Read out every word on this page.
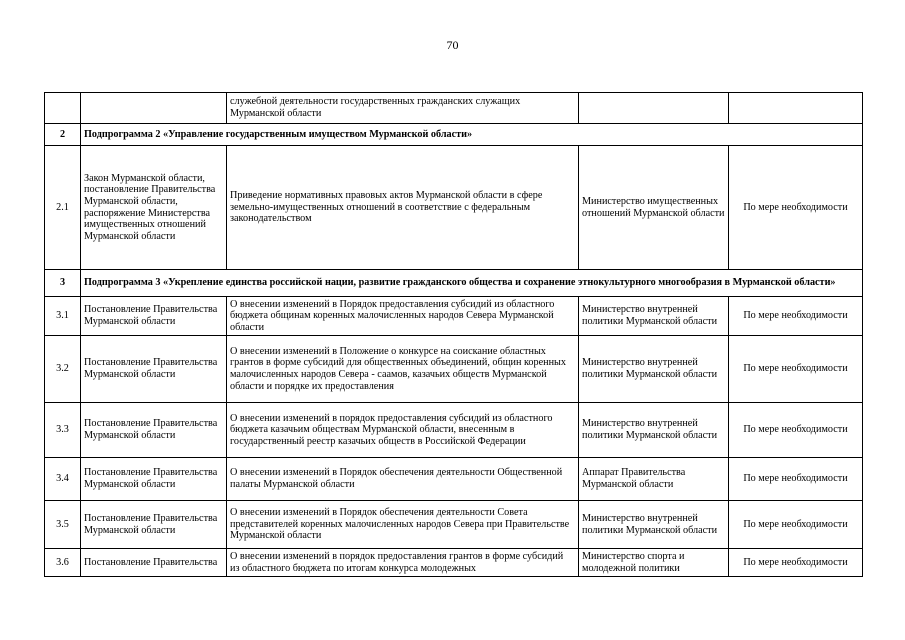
70
		служебной деятельности государственных гражданских служащих Мурманской области		
2	Подпрограмма 2 «Управление государственным имуществом Мурманской области»			
2.1	Закон Мурманской области, постановление Правительства Мурманской области, распоряжение Министерства имущественных отношений Мурманской области	Приведение нормативных правовых актов Мурманской области в сфере земельно-имущественных отношений в соответствие с федеральным законодательством	Министерство имущественных отношений Мурманской области	По мере необходимости
3	Подпрограмма 3 «Укрепление единства российской нации, развитие гражданского общества и сохранение этнокультурного многообразия в Мурманской области»			
3.1	Постановление Правительства Мурманской области	О внесении изменений в Порядок предоставления субсидий из областного бюджета общинам коренных малочисленных народов Севера Мурманской области	Министерство внутренней политики Мурманской области	По мере необходимости
3.2	Постановление Правительства Мурманской области	О внесении изменений в Положение о конкурсе на соискание областных грантов в форме субсидий для общественных объединений, общин коренных малочисленных народов Севера - саамов, казачьих обществ Мурманской области и порядке их предоставления	Министерство внутренней политики Мурманской области	По мере необходимости
3.3	Постановление Правительства Мурманской области	О внесении изменений в порядок предоставления субсидий из областного бюджета казачьим обществам Мурманской области, внесенным в государственный реестр казачьих обществ в Российской Федерации	Министерство внутренней политики Мурманской области	По мере необходимости
3.4	Постановление Правительства Мурманской области	О внесении изменений в Порядок обеспечения деятельности Общественной палаты Мурманской области	Аппарат Правительства Мурманской области	По мере необходимости
3.5	Постановление Правительства Мурманской области	О внесении изменений в Порядок обеспечения деятельности Совета представителей коренных малочисленных народов Севера при Правительстве Мурманской области	Министерство внутренней политики Мурманской области	По мере необходимости
3.6	Постановление Правительства	О внесении изменений в порядок предоставления грантов в форме субсидий из областного бюджета по итогам конкурса молодежных	Министерство спорта и молодежной политики	По мере необходимости
